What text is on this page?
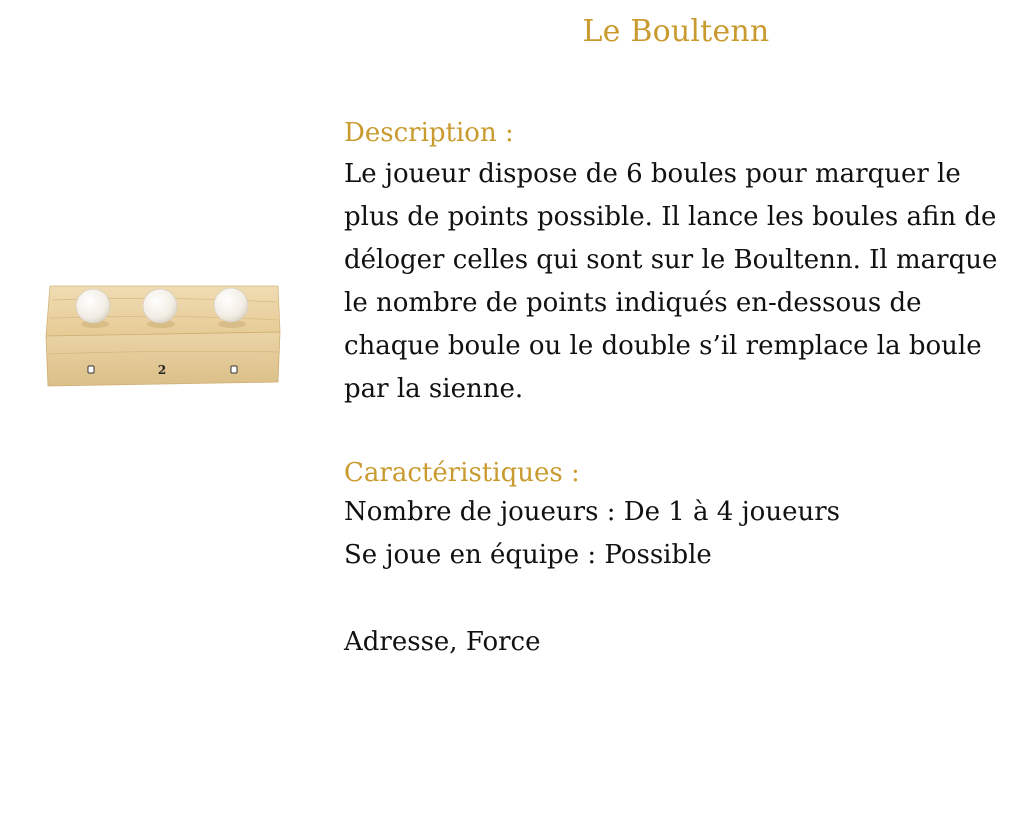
Le Boultenn
2
Description :
Le joueur dispose de 6 boules pour marquer le plus de points possible. Il lance les boules afin de déloger celles qui sont sur le Boultenn. Il marque le nombre de points indiqués en-dessous de chaque boule ou le double s’il remplace la boule par la sienne.
Caractéristiques :
Nombre de joueurs : De 1 à 4 joueurs
Se joue en équipe : Possible
Adresse, Force
